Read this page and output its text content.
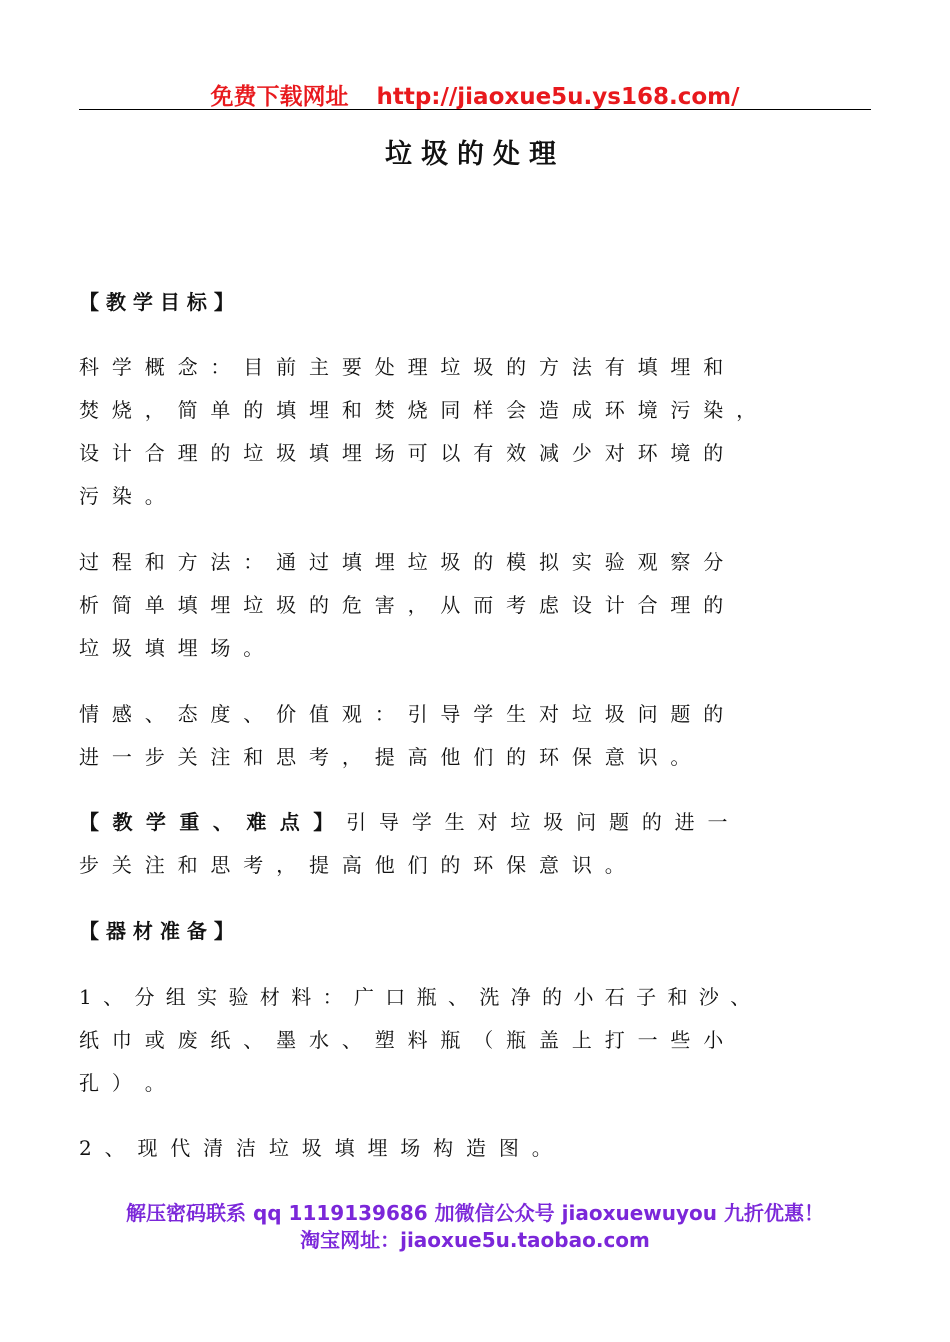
免费下载网址 http://jiaoxue5u.ys168.com/
垃圾的处理
【 教 学 目 标 】
科 学 概 念 ： 目 前 主 要 处 理 垃 圾 的 方 法 有 填 埋 和
焚 烧 ， 简 单 的 填 埋 和 焚 烧 同 样 会 造 成 环 境 污 染 ，
设 计 合 理 的 垃 圾 填 埋 场 可 以 有 效 减 少 对 环 境 的
污 染 。
过 程 和 方 法 ： 通 过 填 埋 垃 圾 的 模 拟 实 验 观 察 分
析 简 单 填 埋 垃 圾 的 危 害 ， 从 而 考 虑 设 计 合 理 的
垃 圾 填 埋 场 。
情 感 、 态 度 、 价 值 观 ： 引 导 学 生 对 垃 圾 问 题 的
进 一 步 关 注 和 思 考 ， 提 高 他 们 的 环 保 意 识 。
【 教 学 重 、 难 点 】 引 导 学 生 对 垃 圾 问 题 的 进 一
步 关 注 和 思 考 ， 提 高 他 们 的 环 保 意 识 。
【 器 材 准 备 】
1 、 分 组 实 验 材 料 ： 广 口 瓶 、 洗 净 的 小 石 子 和 沙 、
纸 巾 或 废 纸 、 墨 水 、 塑 料 瓶 （ 瓶 盖 上 打 一 些 小
孔 ） 。
2 、 现 代 清 洁 垃 圾 填 埋 场 构 造 图 。
解压密码联系 qq 1119139686 加微信公众号 jiaoxuewuyou 九折优惠！
淘宝网址：jiaoxue5u.taobao.com
